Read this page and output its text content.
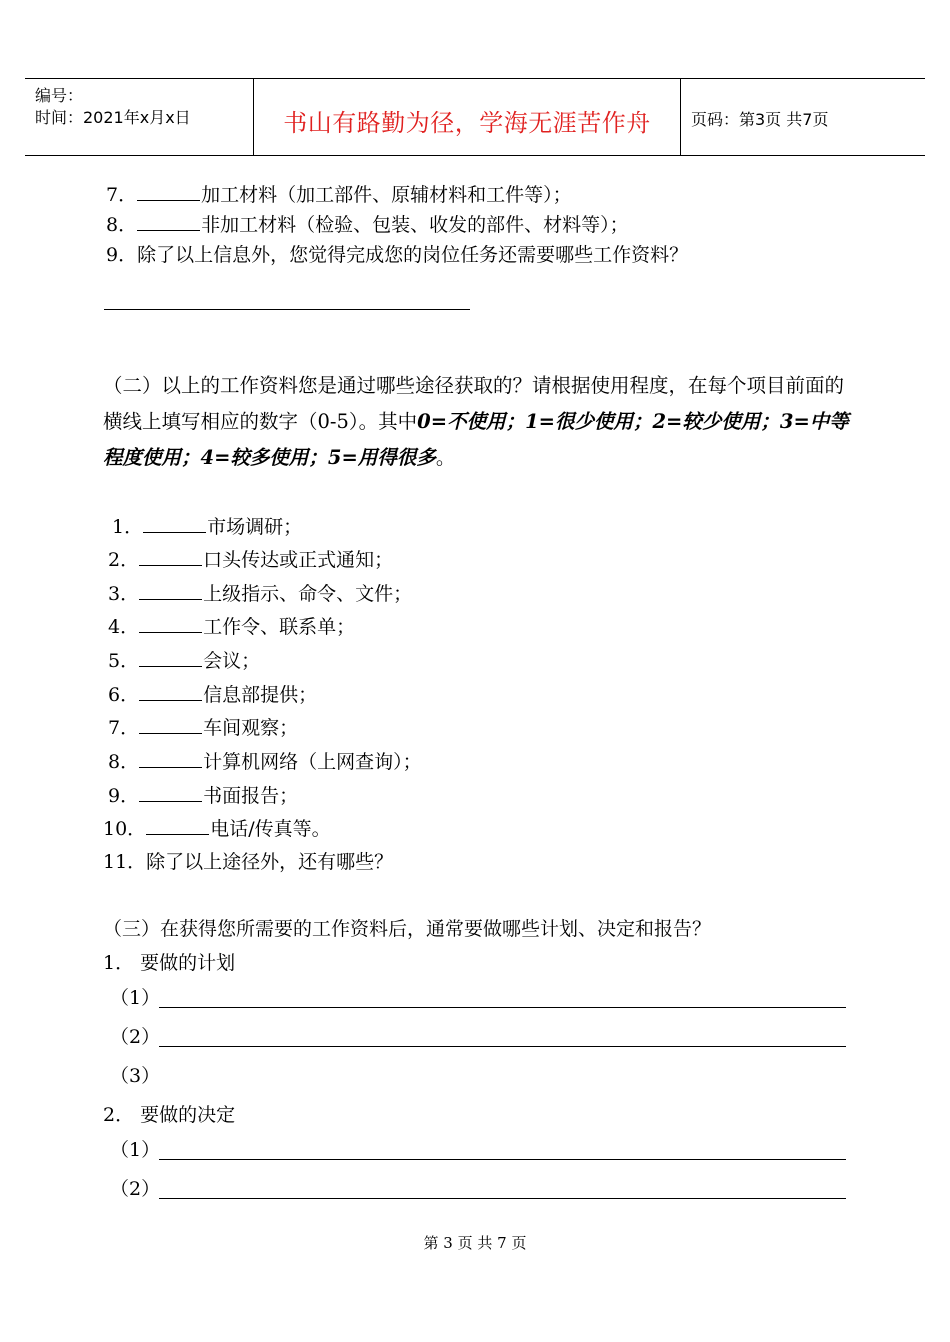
编号：
时间：2021年x月x日	书山有路勤为径，学海无涯苦作舟	页码：第3页 共7页
7．	加工材料（加工部件、原辅材料和工件等）；
8．	非加工材料（检验、包装、收发的部件、材料等）；
9．除了以上信息外，您觉得完成您的岗位任务还需要哪些工作资料？
（二）以上的工作资料您是通过哪些途径获取的？请根据使用程度，在每个项目前面的横线上填写相应的数字（0-5）。其中0=不使用；1=很少使用；2=较少使用；3=中等程度使用；4=较多使用；5=用得很多。
1．	市场调研；
2．	口头传达或正式通知；
3．	上级指示、命令、文件；
4．	工作令、联系单；
5．	会议；
6．	信息部提供；
7．	车间观察；
8．	计算机网络（上网查询）；
9．	书面报告；
10．	电话/传真等。
11．除了以上途径外，还有哪些？
（三）在获得您所需要的工作资料后，通常要做哪些计划、决定和报告？
1． 要做的计划
（1）
（2）
（3）
2． 要做的决定
（1）
（2）
第 3 页 共 7 页
